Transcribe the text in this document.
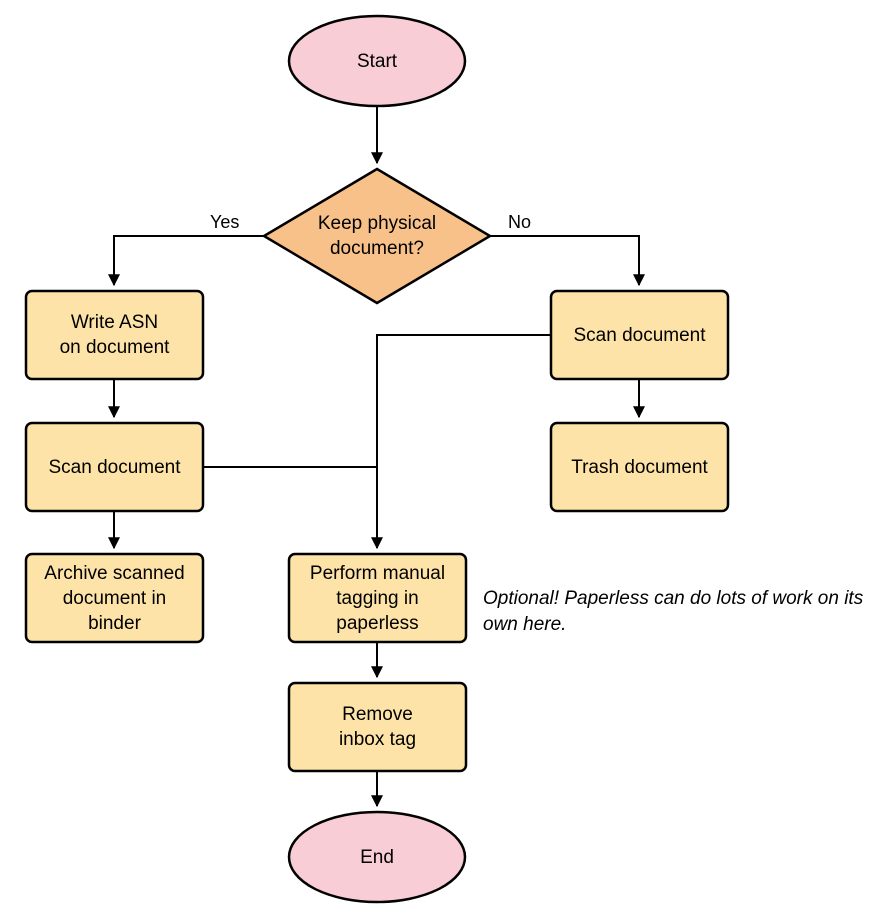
Start
Keep physical
document?
Write ASN
on document
Scan document
Archive scanned
document in
binder
Scan document
Trash document
Perform manual
tagging in
paperless
Remove
inbox tag
End
Yes	No
Optional! Paperless can do lots of work on its own here.
